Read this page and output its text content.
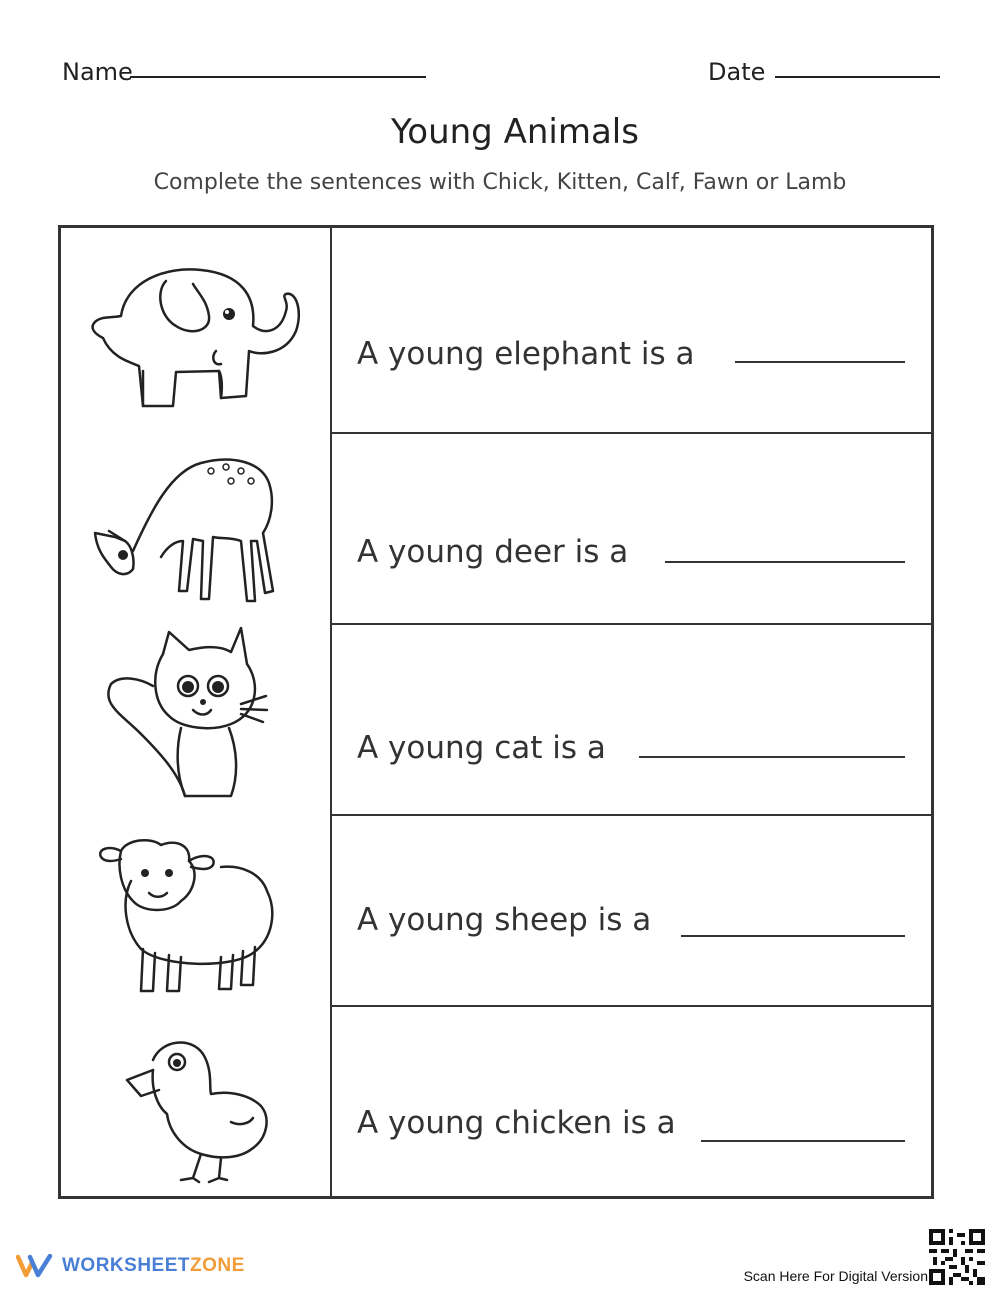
Name	Date
Young Animals
Complete the sentences with Chick, Kitten, Calf, Fawn or Lamb
A young elephant is a
A young deer is a
A young cat is a
A young sheep is a
A young chicken is a
WORKSHEETZONE	Scan Here For Digital Version
